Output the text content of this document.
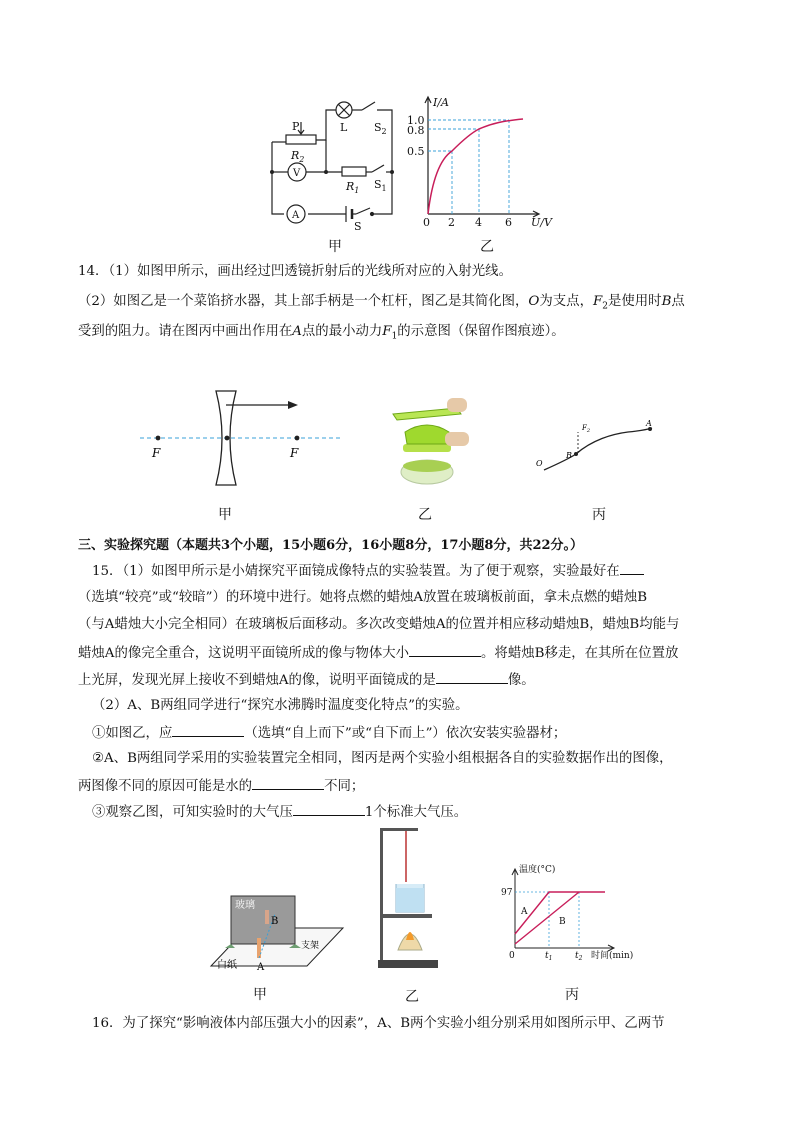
P
$R_2$
L $S_2$
V
$R_1$ $S_1$
A
S
I/A
1.0
0.8
0.5
0 2 4 6 U/V
甲	乙
14．（1）如图甲所示，画出经过凹透镜折射后的光线所对应的入射光线。
（2）如图乙是一个菜馅挤水器，其上部手柄是一个杠杆，图乙是其简化图，O为支点，$F_2$是使用时B点
受到的阻力。请在图丙中画出作用在A点的最小动力$F_1$的示意图（保留作图痕迹）。
F	F
O
B
$F_2$
A
甲	乙	丙
三、实验探究题（本题共3个小题，15小题6分，16小题8分，17小题8分，共22分。）
15．（1）如图甲所示是小婧探究平面镜成像特点的实验装置。为了便于观察，实验最好在
（选填“较亮”或“较暗”）的环境中进行。她将点燃的蜡烛A放置在玻璃板前面，拿未点燃的蜡烛B
（与A蜡烛大小完全相同）在玻璃板后面移动。多次改变蜡烛A的位置并相应移动蜡烛B，蜡烛B均能与
蜡烛A的像完全重合，这说明平面镜所成的像与物体大小	。将蜡烛B移走，在其所在位置放
上光屏，发现光屏上接收不到蜡烛A的像，说明平面镜成的是	像。
（2）A、B两组同学进行“探究水沸腾时温度变化特点”的实验。
①如图乙，应	（选填“自上而下”或“自下而上”）依次安装实验器材；
②A、B两组同学采用的实验装置完全相同，图丙是两个实验小组根据各自的实验数据作出的图像，
两图像不同的原因可能是水的	不同；
③观察乙图，可知实验时的大气压	1个标准大气压。
玻璃
B
A
白纸
支架
温度(°C)
97
A
B
0	$t_1$	$t_2$ 时间(min)
甲	乙	丙
16．为了探究“影响液体内部压强大小的因素”，A、B两个实验小组分别采用如图所示甲、乙两节
